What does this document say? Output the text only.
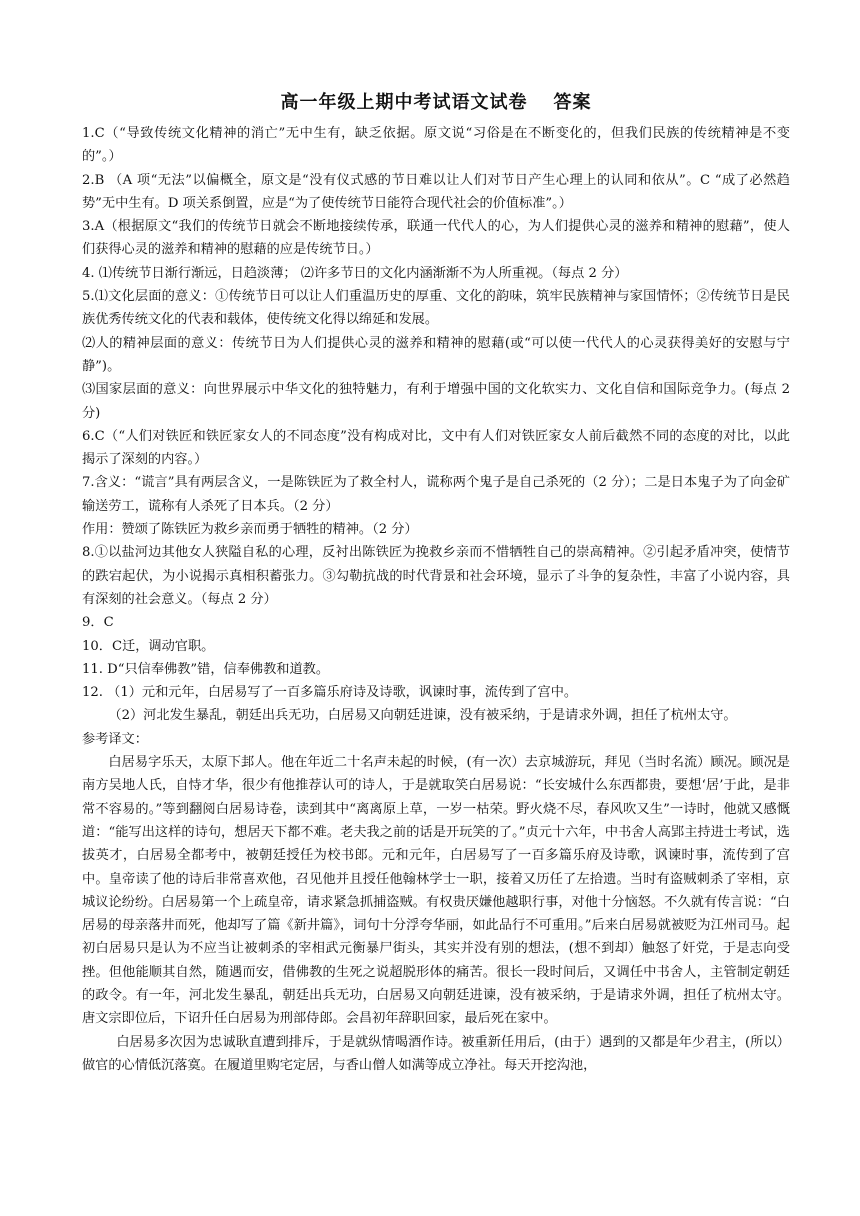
高一年级上期中考试语文试卷 答案

1.C（“导致传统文化精神的消亡”无中生有，缺乏依据。原文说“习俗是在不断变化的，但我们民族的传统精神是不变的”。）

2.B （A 项“无法”以偏概全，原文是“没有仪式感的节日难以让人们对节日产生心理上的认同和依从”。C “成了必然趋势”无中生有。D 项关系倒置，应是“为了使传统节日能符合现代社会的价值标准”。）

3.A（根据原文“我们的传统节日就会不断地接续传承，联通一代代人的心，为人们提供心灵的滋养和精神的慰藉”，使人们获得心灵的滋养和精神的慰藉的应是传统节日。）

4. ⑴传统节日渐行渐远，日趋淡薄； ⑵许多节日的文化内涵渐渐不为人所重视。（每点 2 分）

5.⑴文化层面的意义：①传统节日可以让人们重温历史的厚重、文化的韵味，筑牢民族精神与家国情怀；②传统节日是民族优秀传统文化的代表和载体，使传统文化得以绵延和发展。

⑵人的精神层面的意义：传统节日为人们提供心灵的滋养和精神的慰藉(或“可以使一代代人的心灵获得美好的安慰与宁静”)。

⑶国家层面的意义：向世界展示中华文化的独特魅力，有利于增强中国的文化软实力、文化自信和国际竞争力。(每点 2 分)

6.C（“人们对铁匠和铁匠家女人的不同态度”没有构成对比，文中有人们对铁匠家女人前后截然不同的态度的对比，以此揭示了深刻的内容。）

7.含义：“谎言”具有两层含义，一是陈铁匠为了救全村人，谎称两个鬼子是自己杀死的（2 分）；二是日本鬼子为了向金矿输送劳工，谎称有人杀死了日本兵。（2 分）

作用：赞颂了陈铁匠为救乡亲而勇于牺牲的精神。（2 分）

8.①以盐河边其他女人狭隘自私的心理，反衬出陈铁匠为挽救乡亲而不惜牺牲自己的崇高精神。②引起矛盾冲突，使情节的跌宕起伏，为小说揭示真相积蓄张力。③勾勒抗战的时代背景和社会环境，显示了斗争的复杂性，丰富了小说内容，具有深刻的社会意义。（每点 2 分）

9．C

10．C迁，调动官职。

11. D“只信奉佛教”错，信奉佛教和道教。

12. （1）元和元年，白居易写了一百多篇乐府诗及诗歌，讽谏时事，流传到了宫中。

（2）河北发生暴乱，朝廷出兵无功，白居易又向朝廷进谏，没有被采纳，于是请求外调，担任了杭州太守。

参考译文：

白居易字乐天，太原下邽人。他在年近二十名声未起的时候，(有一次）去京城游玩，拜见（当时名流）顾况。顾况是南方吴地人氏，自恃才华，很少有他推荐认可的诗人，于是就取笑白居易说：“长安城什么东西都贵，要想‘居’于此，是非常不容易的。”等到翻阅白居易诗卷，读到其中“离离原上草，一岁一枯荣。野火烧不尽，春风吹又生”一诗时，他就又感慨道：“能写出这样的诗句，想居天下都不难。老夫我之前的话是开玩笑的了。”贞元十六年，中书舍人高郢主持进士考试，选拔英才，白居易全都考中，被朝廷授任为校书郎。元和元年，白居易写了一百多篇乐府及诗歌，讽谏时事，流传到了宫中。皇帝读了他的诗后非常喜欢他，召见他并且授任他翰林学士一职，接着又历任了左拾遗。当时有盗贼刺杀了宰相，京城议论纷纷。白居易第一个上疏皇帝，请求紧急抓捕盗贼。有权贵厌嫌他越职行事，对他十分恼怒。不久就有传言说：“白居易的母亲落井而死，他却写了篇《新井篇》，词句十分浮夸华丽，如此品行不可重用。”后来白居易就被贬为江州司马。起初白居易只是认为不应当让被刺杀的宰相武元衡暴尸街头，其实并没有别的想法，(想不到却）触怒了奸党，于是志向受挫。但他能顺其自然，随遇而安，借佛教的生死之说超脱形体的痛苦。很长一段时间后，又调任中书舍人，主管制定朝廷的政令。有一年，河北发生暴乱，朝廷出兵无功，白居易又向朝廷进谏，没有被采纳，于是请求外调，担任了杭州太守。唐文宗即位后，下诏升任白居易为刑部侍郎。会昌初年辞职回家，最后死在家中。

白居易多次因为忠诚耿直遭到排斥，于是就纵情喝酒作诗。被重新任用后，(由于）遇到的又都是年少君主，(所以）做官的心情低沉落寞。在履道里购宅定居，与香山僧人如满等成立净社。每天开挖沟池，
